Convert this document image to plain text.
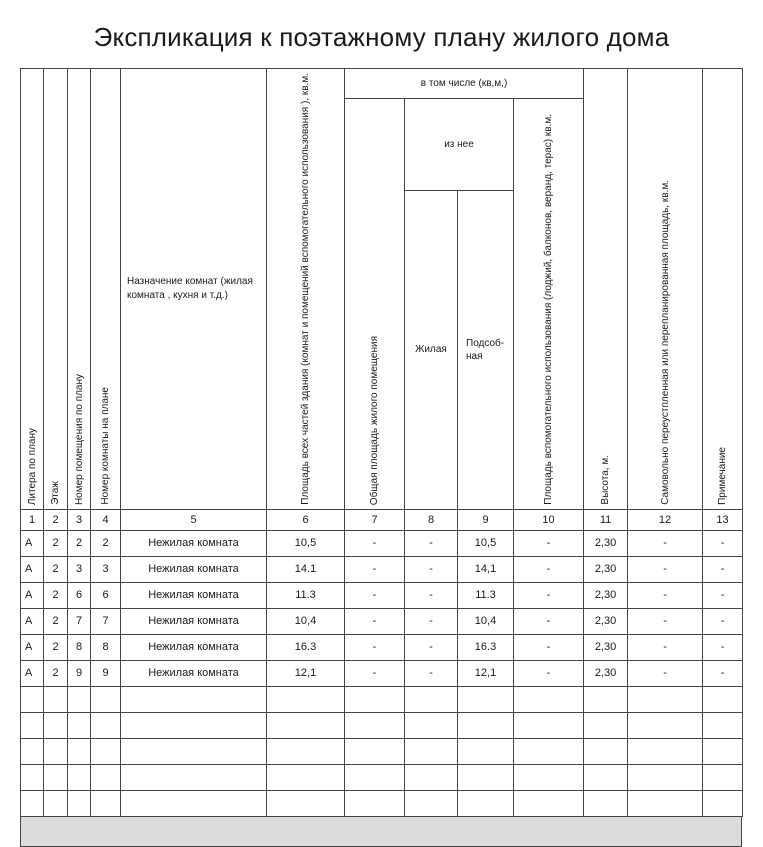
Экспликация к поэтажному плану жилого дома
Литера по плану	Этаж	Номер помещения по плану	Номер комнаты на плане	Назначение комнат (жилая комната , кухня и т.д.)	Площадь всех частей здания (комнат и помещений вспомогательного использования ), кв.м.	в том числе (кв,м,)				Высота, м.	Самовольно переустпленная или перепланированная площадь, кв.м.	Примечание

						Общая площадь жилого помещения	из нее		Площадь вспомогательного использования (лоджий, балконов, веранд, терас) кв.м.			

							Жилая	Подсоб-ная				
1	2	3	4	5	6	7	8	9	10	11	12	13
А	2	2	2	Нежилая комната	10,5	-	-	10,5	-	2,30	-	-
А	2	3	3	Нежилая комната	14.1	-	-	14,1	-	2,30	-	-
А	2	6	6	Нежилая комната	11.3	-	-	11.3	-	2,30	-	-
А	2	7	7	Нежилая комната	10,4	-	-	10,4	-	2,30	-	-
А	2	8	8	Нежилая комната	16.3	-	-	16.3	-	2,30	-	-
А	2	9	9	Нежилая комната	12,1	-	-	12,1	-	2,30	-	-
